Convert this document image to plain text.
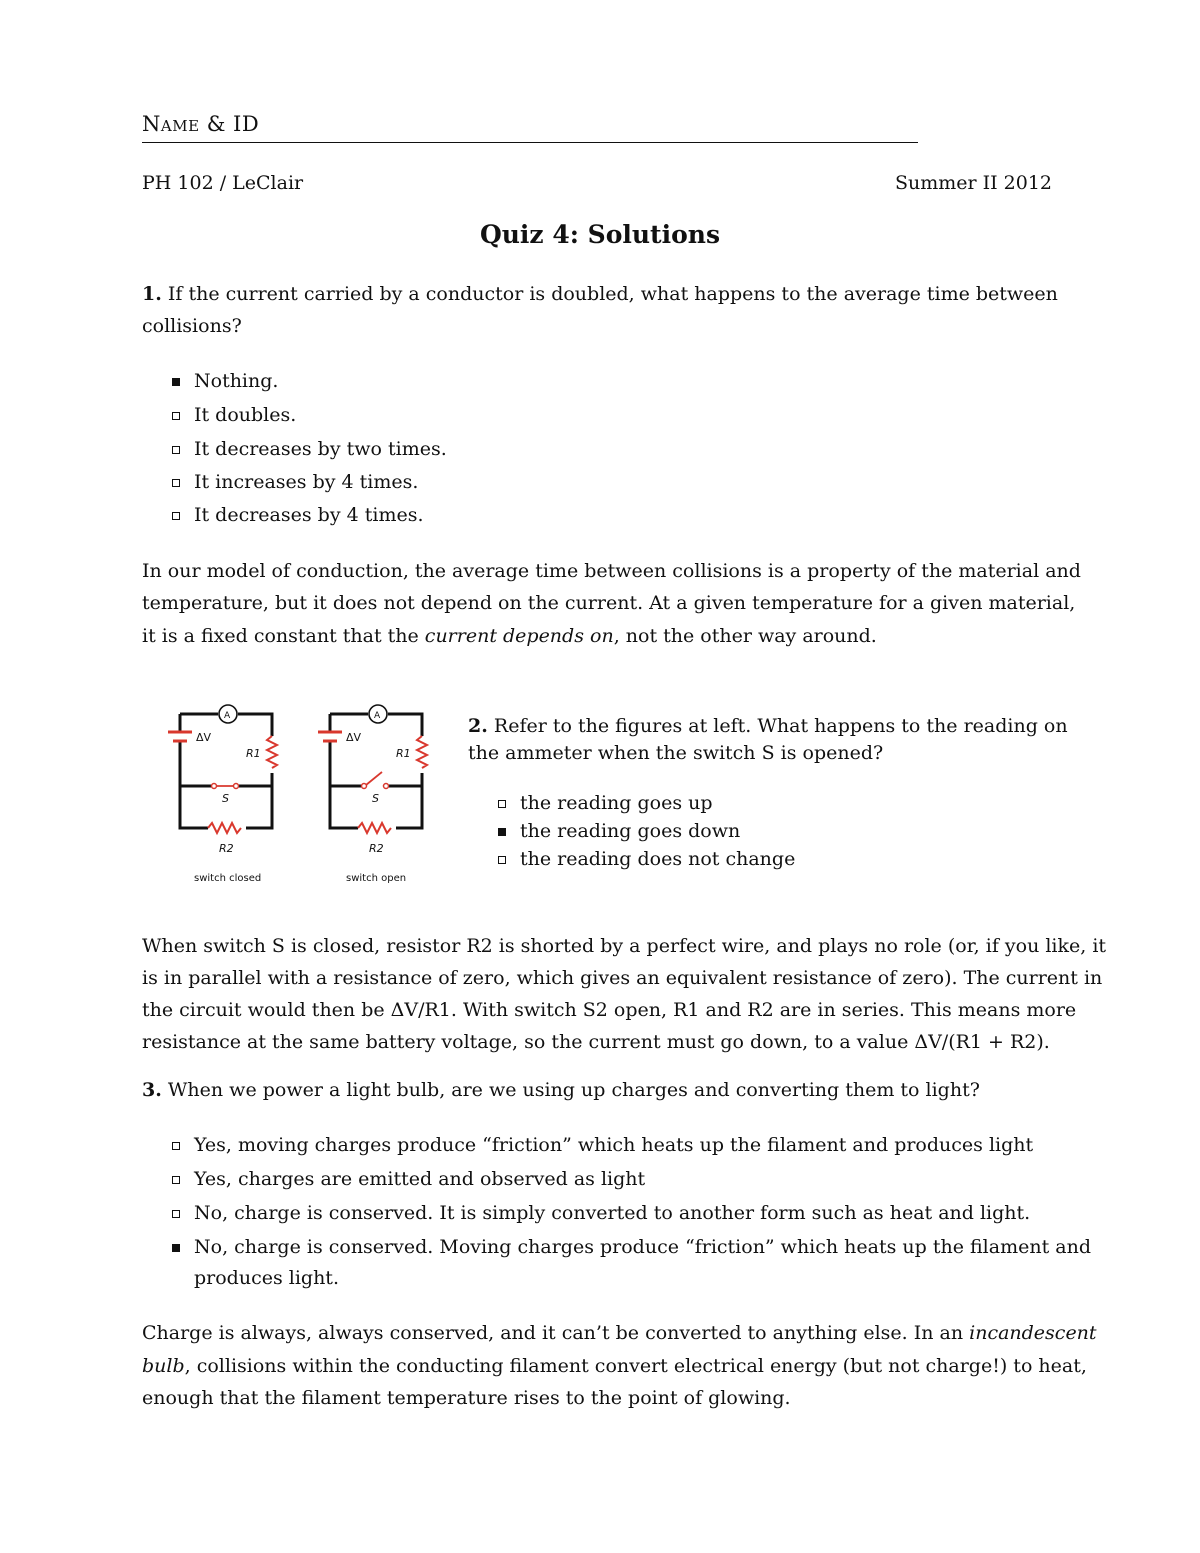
Name & ID
PH 102 / LeClair	Summer II 2012
Quiz 4: Solutions
1. If the current carried by a conductor is doubled, what happens to the average time between
collisions?
Nothing.
It doubles.
It decreases by two times.
It increases by 4 times.
It decreases by 4 times.
In our model of conduction, the average time between collisions is a property of the material and
temperature, but it does not depend on the current. At a given temperature for a given material,
it is a fixed constant that the current depends on, not the other way around.
A
ΔV
R1
S
R2
switch closed
A
ΔV
R1
S
R2
switch open
2. Refer to the figures at left. What happens to the reading on
the ammeter when the switch S is opened?
the reading goes up
the reading goes down
the reading does not change
When switch S is closed, resistor R2 is shorted by a perfect wire, and plays no role (or, if you like, it
is in parallel with a resistance of zero, which gives an equivalent resistance of zero). The current in
the circuit would then be ΔV/R1. With switch S2 open, R1 and R2 are in series. This means more
resistance at the same battery voltage, so the current must go down, to a value ΔV/(R1 + R2).
3. When we power a light bulb, are we using up charges and converting them to light?
Yes, moving charges produce “friction” which heats up the filament and produces light
Yes, charges are emitted and observed as light
No, charge is conserved. It is simply converted to another form such as heat and light.
No, charge is conserved. Moving charges produce “friction” which heats up the filament and
produces light.
Charge is always, always conserved, and it can’t be converted to anything else. In an incandescent
bulb, collisions within the conducting filament convert electrical energy (but not charge!) to heat,
enough that the filament temperature rises to the point of glowing.
